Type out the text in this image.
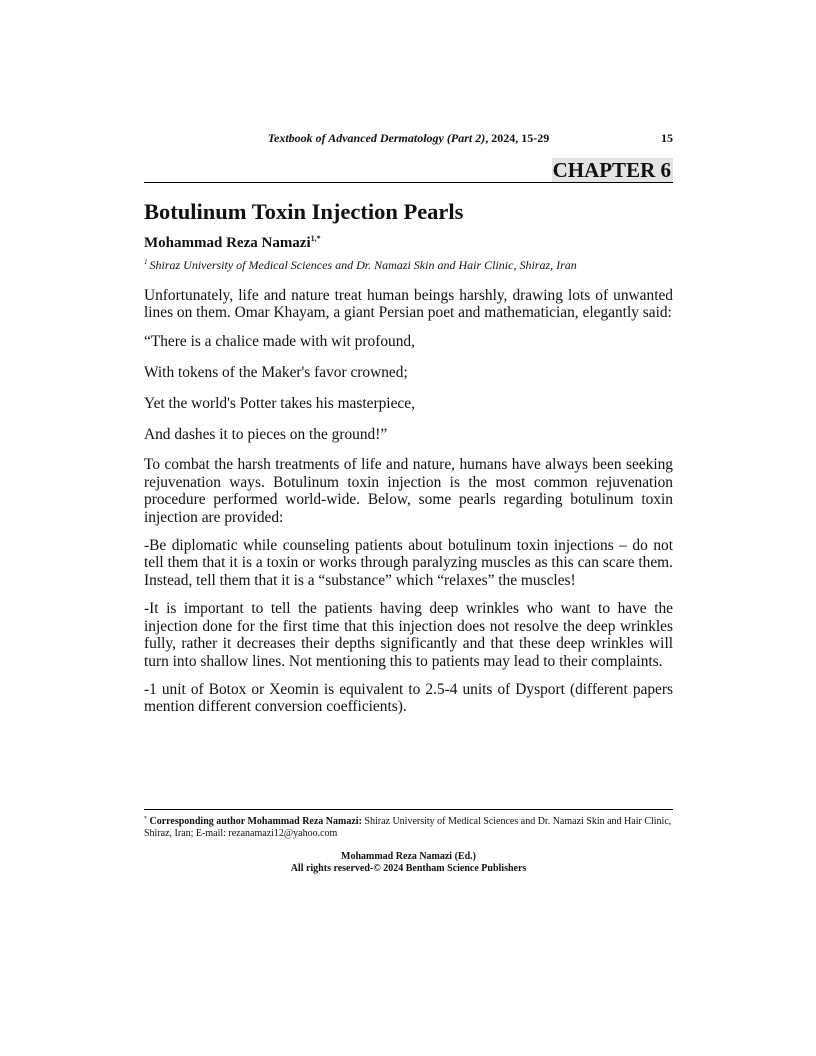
Textbook of Advanced Dermatology (Part 2), 2024, 15-29	15
CHAPTER 6
Botulinum Toxin Injection Pearls
Mohammad Reza Namazi$^{1,*}$
$^1$ Shiraz University of Medical Sciences and Dr. Namazi Skin and Hair Clinic, Shiraz, Iran

Unfortunately, life and nature treat human beings harshly, drawing lots of unwanted lines on them. Omar Khayam, a giant Persian poet and mathematician, elegantly said:

“There is a chalice made with wit profound,

With tokens of the Maker's favor crowned;

Yet the world's Potter takes his masterpiece,

And dashes it to pieces on the ground!”

To combat the harsh treatments of life and nature, humans have always been seeking rejuvenation ways. Botulinum toxin injection is the most common rejuvenation procedure performed world-wide. Below, some pearls regarding botulinum toxin injection are provided:

-Be diplomatic while counseling patients about botulinum toxin injections – do not tell them that it is a toxin or works through paralyzing muscles as this can scare them. Instead, tell them that it is a “substance” which “relaxes” the muscles!

-It is important to tell the patients having deep wrinkles who want to have the injection done for the first time that this injection does not resolve the deep wrinkles fully, rather it decreases their depths significantly and that these deep wrinkles will turn into shallow lines. Not mentioning this to patients may lead to their complaints.

-1 unit of Botox or Xeomin is equivalent to 2.5-4 units of Dysport (different papers mention different conversion coefficients).

* Corresponding author Mohammad Reza Namazi: Shiraz University of Medical Sciences and Dr. Namazi Skin and Hair Clinic, Shiraz, Iran; E-mail: rezanamazi12@yahoo.com
Mohammad Reza Namazi (Ed.)
All rights reserved-© 2024 Bentham Science Publishers
